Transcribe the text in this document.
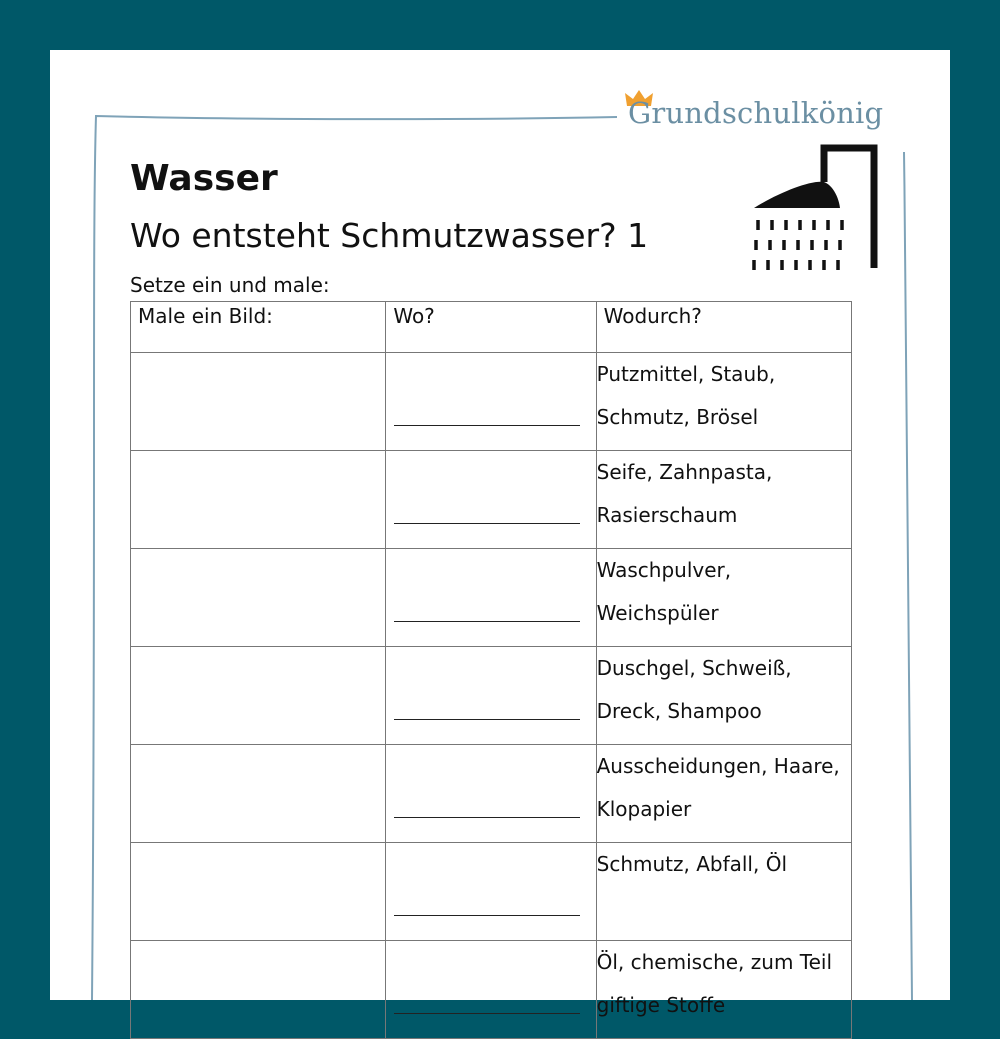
Grundschulkönig
Wasser
Wo entsteht Schmutzwasser? 1
Setze ein und male:
Male ein Bild:	Wo?	Wodurch?

		Putzmittel, Staub,
Schmutz, Brösel

		Seife, Zahnpasta,
Rasierschaum

		Waschpulver,
Weichspüler

		Duschgel, Schweiß,
Dreck, Shampoo

		Ausscheidungen, Haare,
Klopapier

		Schmutz, Abfall, Öl

		Öl, chemische, zum Teil
giftige Stoffe
